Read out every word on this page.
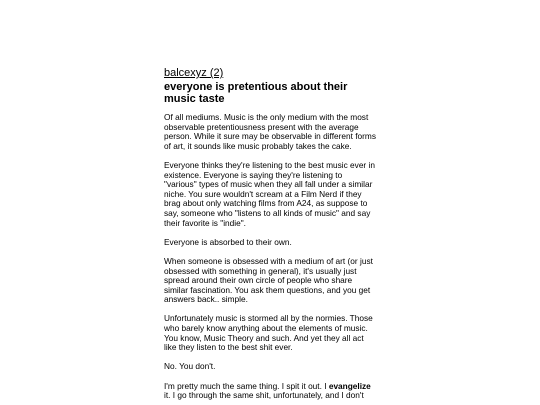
balcexyz (2)
everyone is pretentious about their music taste

Of all mediums. Music is the only medium with the most observable pretentiousness present with the average person. While it sure may be observable in different forms of art, it sounds like music probably takes the cake.

Everyone thinks they're listening to the best music ever in existence. Everyone is saying they're listening to "various" types of music when they all fall under a similar niche. You sure wouldn't scream at a Film Nerd if they brag about only watching films from A24, as suppose to say, someone who "listens to all kinds of music" and say their favorite is "indie".

Everyone is absorbed to their own.

When someone is obsessed with a medium of art (or just obsessed with something in general), it's usually just spread around their own circle of people who share similar fascination. You ask them questions, and you get answers back.. simple.

Unfortunately music is stormed all by the normies. Those who barely know anything about the elements of music. You know, Music Theory and such. And yet they all act like they listen to the best shit ever.

No. You don't.

I'm pretty much the same thing. I spit it out. I evangelize it. I go through the same shit, unfortunately, and I don't
